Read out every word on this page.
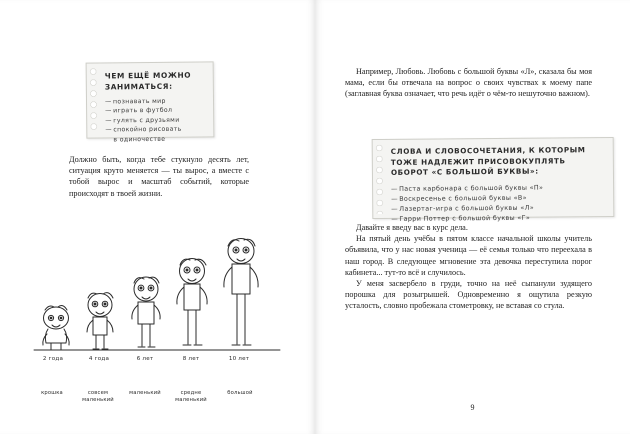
ЧЕМ ЕЩЁ МОЖНО
ЗАНИМАТЬСЯ:
—познавать мир
—играть в футбол
—гулять с друзьями
—спокойно рисовать
в одиночестве
Должно быть, когда тебе стукнуло десять лет, ситуация круто меняется — ты вырос, а вместе с тобой вырос и масштаб событий, которые происходят в твоей жизни.
2 года	4 года	6 лет	8 лет	10 лет
крошка	совсем маленький
маленький	средне маленький
большой
Например, Любовь. Любовь с большой буквы «Л», сказала бы моя мама, если бы отвечала на вопрос о своих чувствах к моему папе (заглавная буква означает, что речь идёт о чём-то нешуточно важном).
СЛОВА И СЛОВОСОЧЕТАНИЯ, К КОТОРЫМ
ТОЖЕ НАДЛЕЖИТ ПРИСОВОКУПЛЯТЬ
ОБОРОТ «С БОЛЬШОЙ БУКВЫ»:
—Паста карбонара с большой буквы «П»
—Воскресенье с большой буквы «В»
—Лазертаг-игра с большой буквы «Л»
—Гарри Поттер с большой буквы «Г»
Давайте я введу вас в курс дела.
На пятый день учёбы в пятом классе начальной школы учитель объявила, что у нас новая ученица — её семья только что переехала в наш город. В следующее мгновение эта девочка переступила порог кабинета... тут-то всё и случилось.
У меня засвербело в груди, точно на неё сыпанули зудящего порошка для розыгрышей. Одновременно я ощутила резкую усталость, словно пробежала стометровку, не вставая со стула.
9
